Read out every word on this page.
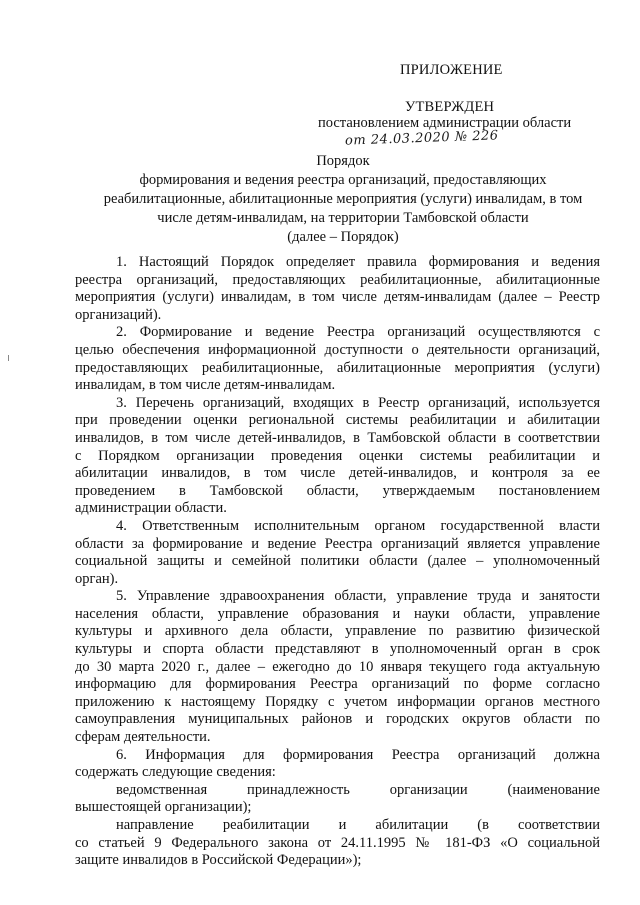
ПРИЛОЖЕНИЕ
УТВЕРЖДЕН
постановлением администрации области
от 24.03.2020 № 226
Порядок
формирования и ведения реестра организаций, предоставляющих
реабилитационные, абилитационные мероприятия (услуги) инвалидам, в том
числе детям-инвалидам, на территории Тамбовской области
(далее – Порядок)
1. Настоящий Порядок определяет правила формирования и ведения
реестра организаций, предоставляющих реабилитационные, абилитационные
мероприятия (услуги) инвалидам, в том числе детям-инвалидам (далее – Реестр
организаций).
2. Формирование и ведение Реестра организаций осуществляются с
целью обеспечения информационной доступности о деятельности организаций,
предоставляющих реабилитационные, абилитационные мероприятия (услуги)
инвалидам, в том числе детям-инвалидам.
3. Перечень организаций, входящих в Реестр организаций, используется
при проведении оценки региональной системы реабилитации и абилитации
инвалидов, в том числе детей-инвалидов, в Тамбовской области в соответствии
с Порядком организации проведения оценки системы реабилитации и
абилитации инвалидов, в том числе детей-инвалидов, и контроля за ее
проведением в Тамбовской области, утверждаемым постановлением
администрации области.
4. Ответственным исполнительным органом государственной власти
области за формирование и ведение Реестра организаций является управление
социальной защиты и семейной политики области (далее – уполномоченный
орган).
5. Управление здравоохранения области, управление труда и занятости
населения области, управление образования и науки области, управление
культуры и архивного дела области, управление по развитию физической
культуры и спорта области представляют в уполномоченный орган в срок
до 30 марта 2020 г., далее – ежегодно до 10 января текущего года актуальную
информацию для формирования Реестра организаций по форме согласно
приложению к настоящему Порядку с учетом информации органов местного
самоуправления муниципальных районов и городских округов области по
сферам деятельности.
6. Информация для формирования Реестра организаций должна
содержать следующие сведения:
ведомственная принадлежность организации (наименование
вышестоящей организации);
направление реабилитации и абилитации (в соответствии
со статьей 9 Федерального закона от 24.11.1995 № 181-ФЗ «О социальной
защите инвалидов в Российской Федерации»);
